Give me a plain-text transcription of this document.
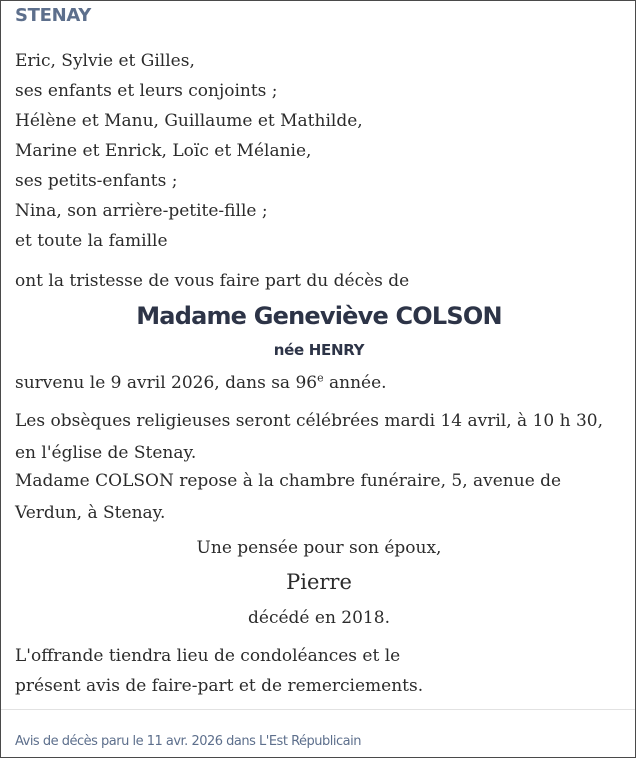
STENAY
Eric, Sylvie et Gilles,
ses enfants et leurs conjoints ;
Hélène et Manu, Guillaume et Mathilde,
Marine et Enrick, Loïc et Mélanie,
ses petits-enfants ;
Nina, son arrière-petite-fille ;
et toute la famille
ont la tristesse de vous faire part du décès de
Madame Geneviève COLSON
née HENRY
survenu le 9 avril 2026, dans sa 96e année.
Les obsèques religieuses seront célébrées mardi 14 avril, à 10 h 30, en l'église de Stenay.
Madame COLSON repose à la chambre funéraire, 5, avenue de Verdun, à Stenay.
Une pensée pour son époux,
Pierre
décédé en 2018.
L'offrande tiendra lieu de condoléances et le
présent avis de faire-part et de remerciements.
Avis de décès paru le 11 avr. 2026 dans L'Est Républicain
